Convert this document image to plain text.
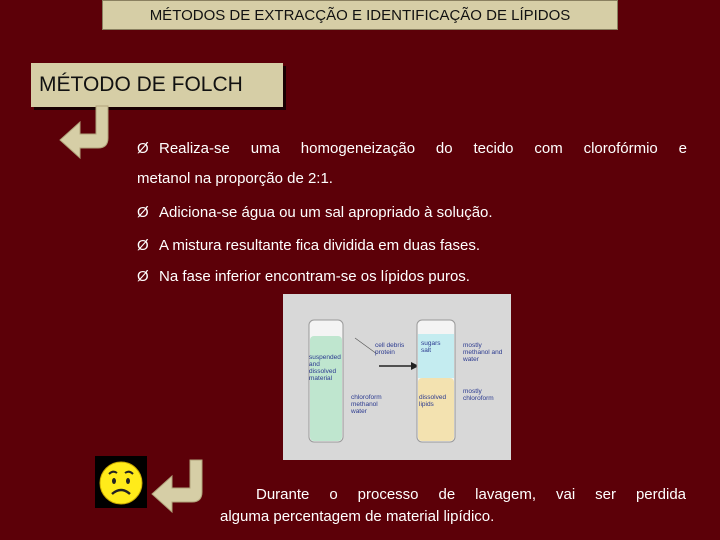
MÉTODOS DE EXTRACÇÃO E IDENTIFICAÇÃO DE LÍPIDOS
MÉTODO DE FOLCH
Ø Realiza-se uma homogeneização do tecido com clorofórmio e
metanol na proporção de 2:1.
Ø Adiciona-se água ou um sal apropriado à solução.
Ø A mistura resultante fica dividida em duas fases.
Ø Na fase inferior encontram-se os lípidos puros.
suspended and dissolved material
cell debris protein
chloroform methanol water
sugars salt
dissolved lipids
mostly methanol and water
mostly chloroform
Durante o processo de lavagem, vai ser perdida
alguma percentagem de material lipídico.
